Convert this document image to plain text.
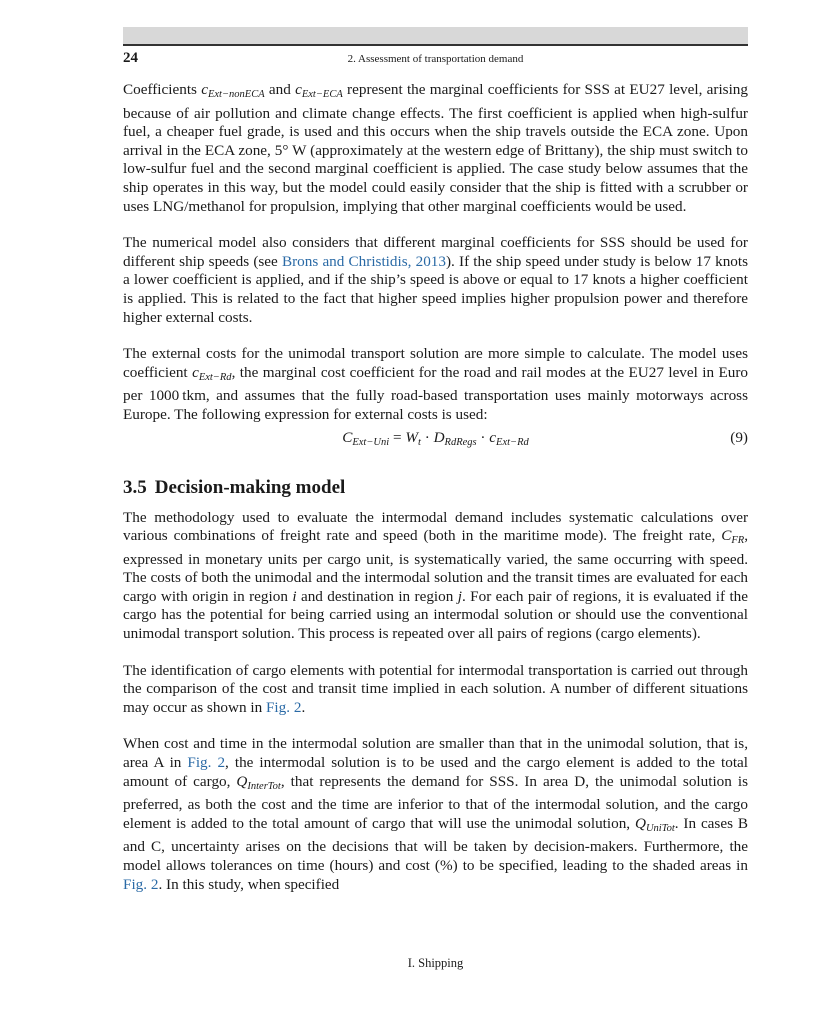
24	2. Assessment of transportation demand

Coefficients $c_{Ext-nonECA}$ and $c_{Ext-ECA}$ represent the marginal coefficients for SSS at EU27 level, arising because of air pollution and climate change effects. The first coefficient is applied when high-sulfur fuel, a cheaper fuel grade, is used and this occurs when the ship travels outside the ECA zone. Upon arrival in the ECA zone, 5° W (approximately at the western edge of Brittany), the ship must switch to low-sulfur fuel and the second marginal coefficient is applied. The case study below assumes that the ship operates in this way, but the model could easily consider that the ship is fitted with a scrubber or uses LNG/methanol for propulsion, implying that other marginal coefficients would be used.

The numerical model also considers that different marginal coefficients for SSS should be used for different ship speeds (see Brons and Christidis, 2013). If the ship speed under study is below 17 knots a lower coefficient is applied, and if the ship’s speed is above or equal to 17 knots a higher coefficient is applied. This is related to the fact that higher speed implies higher propulsion power and therefore higher external costs.

The external costs for the unimodal transport solution are more simple to calculate. The model uses coefficient $c_{Ext-Rd}$, the marginal cost coefficient for the road and rail modes at the EU27 level in Euro per 1000 tkm, and assumes that the fully road-based transportation uses mainly motorways across Europe. The following expression for external costs is used:

$C_{Ext-Uni} = W_t \cdot D_{RdRegs} \cdot c_{Ext-Rd}$	(9)
3.5 Decision-making model

The methodology used to evaluate the intermodal demand includes systematic calculations over various combinations of freight rate and speed (both in the maritime mode). The freight rate, $C_{FR}$, expressed in monetary units per cargo unit, is systematically varied, the same occurring with speed. The costs of both the unimodal and the intermodal solution and the transit times are evaluated for each cargo with origin in region i and destination in region j. For each pair of regions, it is evaluated if the cargo has the potential for being carried using an intermodal solution or should use the conventional unimodal transport solution. This process is repeated over all pairs of regions (cargo elements).

The identification of cargo elements with potential for intermodal transportation is carried out through the comparison of the cost and transit time implied in each solution. A number of different situations may occur as shown in Fig. 2.

When cost and time in the intermodal solution are smaller than that in the unimodal solution, that is, area A in Fig. 2, the intermodal solution is to be used and the cargo element is added to the total amount of cargo, $Q_{InterTot}$, that represents the demand for SSS. In area D, the unimodal solution is preferred, as both the cost and the time are inferior to that of the intermodal solution, and the cargo element is added to the total amount of cargo that will use the unimodal solution, $Q_{UniTot}$. In cases B and C, uncertainty arises on the decisions that will be taken by decision-makers. Furthermore, the model allows tolerances on time (hours) and cost (%) to be specified, leading to the shaded areas in Fig. 2. In this study, when specified

I. Shipping
